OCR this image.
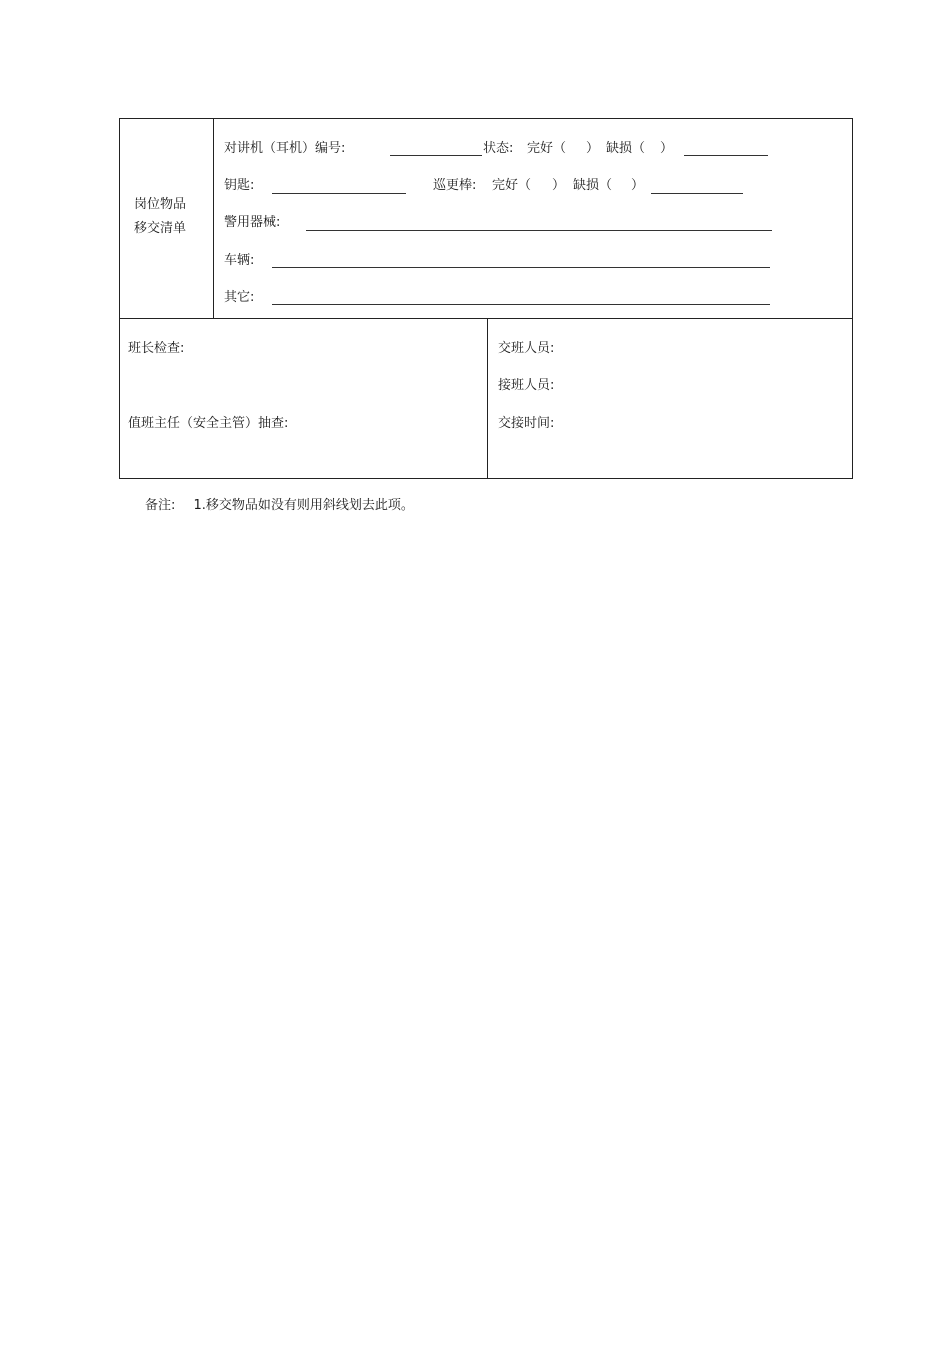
岗位物品
移交清单
对讲机（耳机）编号:	状态: 完好（ ） 缺损（ ）
钥匙:	巡更棒: 完好（ ） 缺损（ ）
警用器械:
车辆:
其它:
班长检查:
值班主任（安全主管）抽查:
交班人员:
接班人员:
交接时间:
备注: 1.移交物品如没有则用斜线划去此项。
